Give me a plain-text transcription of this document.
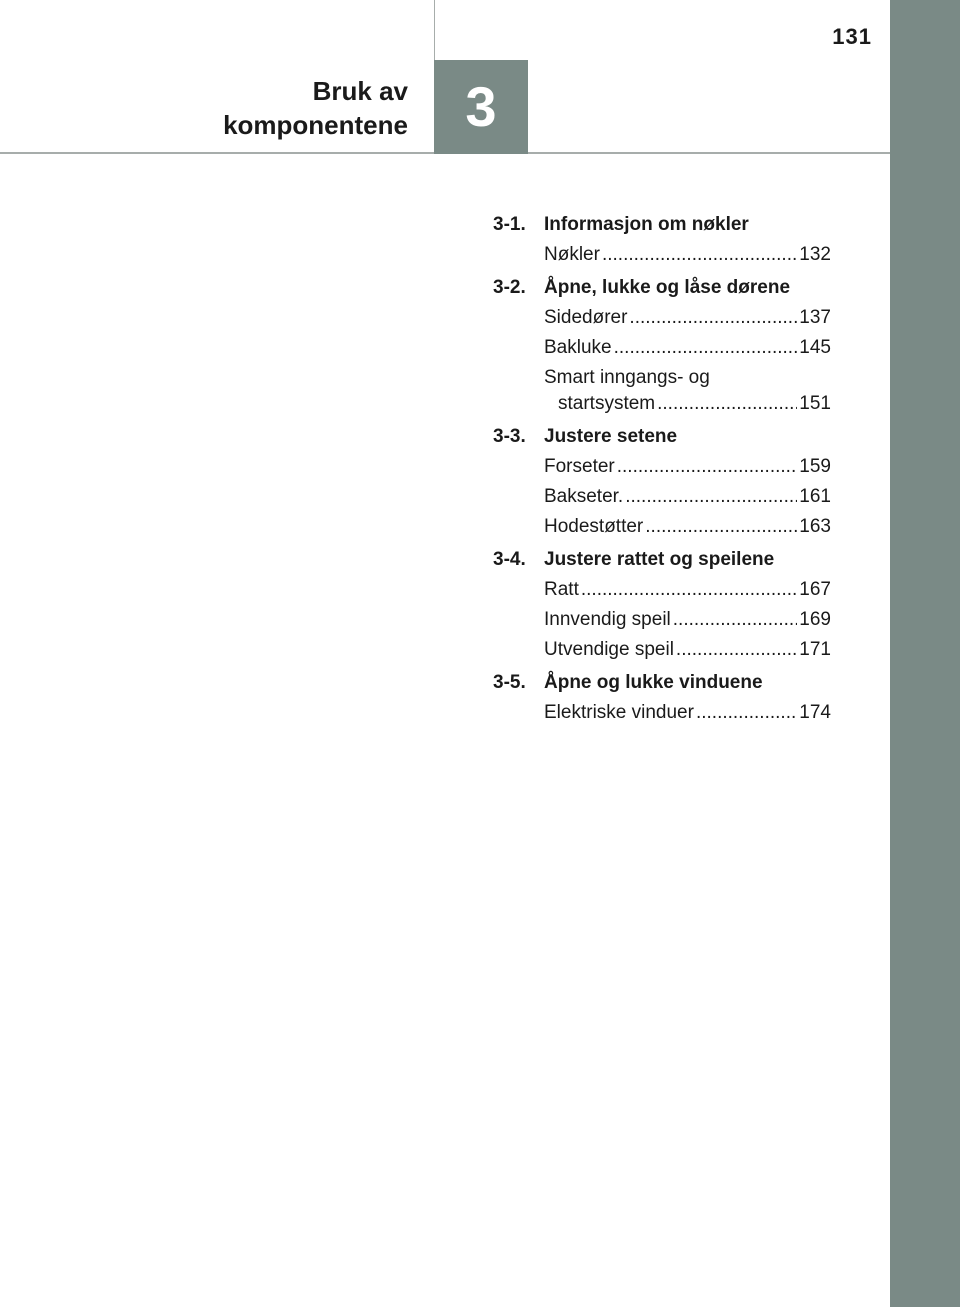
131
Bruk av
komponentene 3
3-1. Informasjon om nøkler
Nøkler .....	132
3-2. Åpne, lukke og låse dørene
Sidedører .....	137
Bakluke .....	145
Smart inngangs- og
startsystem .....	151
3-3. Justere setene
Forseter .....	159
Bakseter. .....	161
Hodestøtter .....	163
3-4. Justere rattet og speilene
Ratt .....	167
Innvendig speil .....	169
Utvendige speil .....	171
3-5. Åpne og lukke vinduene
Elektriske vinduer .....	174
